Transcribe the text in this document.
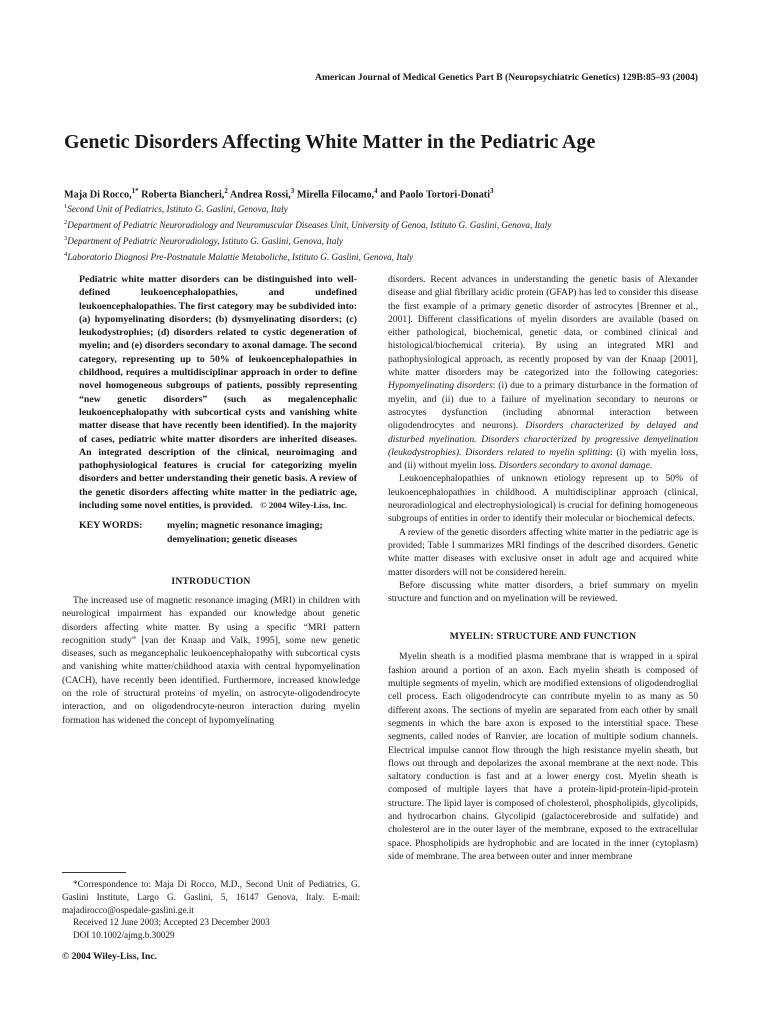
American Journal of Medical Genetics Part B (Neuropsychiatric Genetics) 129B:85–93 (2004)
Genetic Disorders Affecting White Matter in the Pediatric Age
Maja Di Rocco,$^{1*}$ Roberta Biancheri,$^2$ Andrea Rossi,$^3$ Mirella Filocamo,$^4$ and Paolo Tortori-Donati$^3$
$^1$Second Unit of Pediatrics, Istituto G. Gaslini, Genova, Italy
$^2$Department of Pediatric Neuroradiology and Neuromuscular Diseases Unit, University of Genoa, Istituto G. Gaslini, Genova, Italy
$^3$Department of Pediatric Neuroradiology, Istituto G. Gaslini, Genova, Italy
$^4$Laboratorio Diagnosi Pre-Postnatale Malattie Metaboliche, Istituto G. Gaslini, Genova, Italy

Pediatric white matter disorders can be distinguished into well-defined leukoencephalopathies, and undefined leukoencephalopathies. The first category may be subdivided into: (a) hypomyelinating disorders; (b) dysmyelinating disorders; (c) leukodystrophies; (d) disorders related to cystic degeneration of myelin; and (e) disorders secondary to axonal damage. The second category, representing up to 50% of leukoencephalopathies in childhood, requires a multidisciplinar approach in order to define novel homogeneous subgroups of patients, possibly representing “new genetic disorders” (such as megalencephalic leukoencephalopathy with subcortical cysts and vanishing white matter disease that have recently been identified). In the majority of cases, pediatric white matter disorders are inherited diseases. An integrated description of the clinical, neuroimaging and pathophysiological features is crucial for categorizing myelin disorders and better understanding their genetic basis. A review of the genetic disorders affecting white matter in the pediatric age, including some novel entities, is provided. © 2004 Wiley-Liss, Inc.

KEY WORDS:	myelin; magnetic resonance imaging; demyelination; genetic diseases
INTRODUCTION

The increased use of magnetic resonance imaging (MRI) in children with neurological impairment has expanded our knowledge about genetic disorders affecting white matter. By using a specific “MRI pattern recognition study” [van der Knaap and Valk, 1995], some new genetic diseases, such as megancephalic leukoencephalopathy with subcortical cysts and vanishing white matter/childhood ataxia with central hypomyelination (CACH), have recently been identified. Furthermore, increased knowledge on the role of structural proteins of myelin, on astrocyte-oligodendrocyte interaction, and on oligodendrocyte-neuron interaction during myelin formation has widened the concept of hypomyelinating

*Correspondence to: Maja Di Rocco, M.D., Second Unit of Pediatrics, G. Gaslini Institute, Largo G. Gaslini, 5, 16147 Genova, Italy. E-mail: majadirocco@ospedale-gaslini.ge.it

Received 12 June 2003; Accepted 23 December 2003

DOI 10.1002/ajmg.b.30029

© 2004 Wiley-Liss, Inc.

disorders. Recent advances in understanding the genetic basis of Alexander disease and glial fibrillary acidic protein (GFAP) has led to consider this disease the first example of a primary genetic disorder of astrocytes [Brenner et al., 2001]. Different classifications of myelin disorders are available (based on either pathological, biochemical, genetic data, or combined clinical and histological/biochemical criteria). By using an integrated MRI and pathophysiological approach, as recently proposed by van der Knaap [2001], white matter disorders may be categorized into the following categories: Hypomyelinating disorders: (i) due to a primary disturbance in the formation of myelin, and (ii) due to a failure of myelination secondary to neurons or astrocytes dysfunction (including abnormal interaction between oligodendrocytes and neurons). Disorders characterized by delayed and disturbed myelination. Disorders characterized by progressive demyelination (leukodystrophies). Disorders related to myelin splitting: (i) with myelin loss, and (ii) without myelin loss. Disorders secondary to axonal damage.

Leukoencephalopathies of unknown etiology represent up to 50% of leukoencephalopathies in childhood. A multidisciplinar approach (clinical, neuroradiological and electrophysiological) is crucial for defining homogeneous subgroups of entities in order to identify their molecular or biochemical defects.

A review of the genetic disorders affecting white matter in the pediatric age is provided; Table I summarizes MRI findings of the described disorders. Genetic white matter diseases with exclusive onset in adult age and acquired white matter disorders will not be considered herein.

Before discussing white matter disorders, a brief summary on myelin structure and function and on myelination will be reviewed.

MYELIN: STRUCTURE AND FUNCTION

Myelin sheath is a modified plasma membrane that is wrapped in a spiral fashion around a portion of an axon. Each myelin sheath is composed of multiple segments of myelin, which are modified extensions of oligodendroglial cell process. Each oligodendrocyte can contribute myelin to as many as 50 different axons. The sections of myelin are separated from each other by small segments in which the bare axon is exposed to the interstitial space. These segments, called nodes of Ranvier, are location of multiple sodium channels. Electrical impulse cannot flow through the high resistance myelin sheath, but flows out through and depolarizes the axonal membrane at the next node. This saltatory conduction is fast and at a lower energy cost. Myelin sheath is composed of multiple layers that have a protein-lipid-protein-lipid-protein structure. The lipid layer is composed of cholesterol, phospholipids, glycolipids, and hydrocarbon chains. Glycolipid (galactocerebroside and sulfatide) and cholesterol are in the outer layer of the membrane, exposed to the extracellular space. Phospholipids are hydrophobic and are located in the inner (cytoplasm) side of membrane. The area between outer and inner membrane
